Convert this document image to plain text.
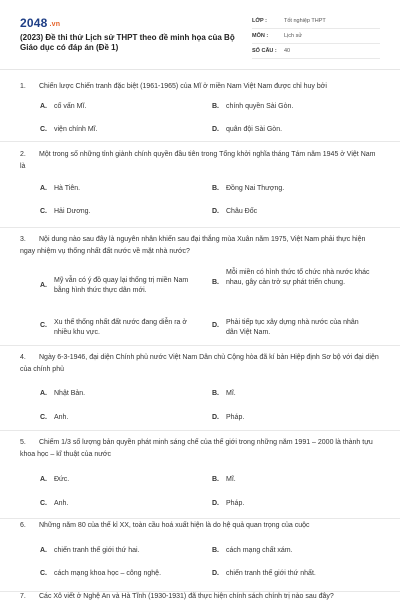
2048 .vn
(2023) Đề thi thử Lịch sử THPT theo đề minh họa của Bộ Giáo dục có đáp án (Đề 1)
LỚP :	Tốt nghiệp THPT
MÔN :	Lịch sử
SỐ CÂU : 40
1. Chiến lược Chiến tranh đặc biệt (1961-1965) của Mĩ ở miền Nam Việt Nam được chỉ huy bởi
A.	cố vấn Mĩ.	B.	chính quyền Sài Gòn.
C.	viện chính Mĩ.	D.	quân đội Sài Gòn.
2. Một trong số những tỉnh giành chính quyền đầu tiên trong Tổng khởi nghĩa tháng Tám năm 1945 ở Việt Nam là
A.	Hà Tiên.	B.	Đồng Nai Thượng.
C.	Hải Dương.	D.	Châu Đốc
3. Nội dung nào sau đây là nguyên nhân khiến sau đại thắng mùa Xuân năm 1975, Việt Nam phải thực hiện ngay nhiệm vụ thống nhất đất nước về mặt nhà nước?
A.
Mỹ vẫn có ý đồ quay lại thống trị miền Nam bằng hình thức thực dân mới.
B.
Mỗi miền có hình thức tổ chức nhà nước khác nhau, gây cản trở sự phát triển chung.
C.	Xu thế thống nhất đất nước đang diễn ra ở nhiều khu vực.
D.	Phải tiếp tục xây dựng nhà nước của nhân dân Việt Nam.
4. Ngày 6-3-1946, đại diện Chính phủ nước Việt Nam Dân chủ Cộng hòa đã kí bản Hiệp định Sơ bộ với đại diện của chính phủ
A.	Nhật Bản.	B.	Mĩ.
C.	Anh.	D.	Pháp.
5. Chiếm 1/3 số lượng bản quyền phát minh sáng chế của thế giới trong những năm 1991 – 2000 là thành tựu khoa học – kĩ thuật của nước
A.	Đức.	B.	Mĩ.
C.	Anh.	D.	Pháp.
6. Những năm 80 của thế kỉ XX, toàn cầu hoá xuất hiện là do hệ quả quan trọng của cuộc
A.	chiến tranh thế giới thứ hai.	B.	cách mạng chất xám.
C.	cách mạng khoa học – công nghệ.	D.	chiến tranh thế giới thứ nhất.
7. Các Xô viết ở Nghệ An và Hà Tĩnh (1930-1931) đã thực hiện chính sách chính trị nào sau đây?
